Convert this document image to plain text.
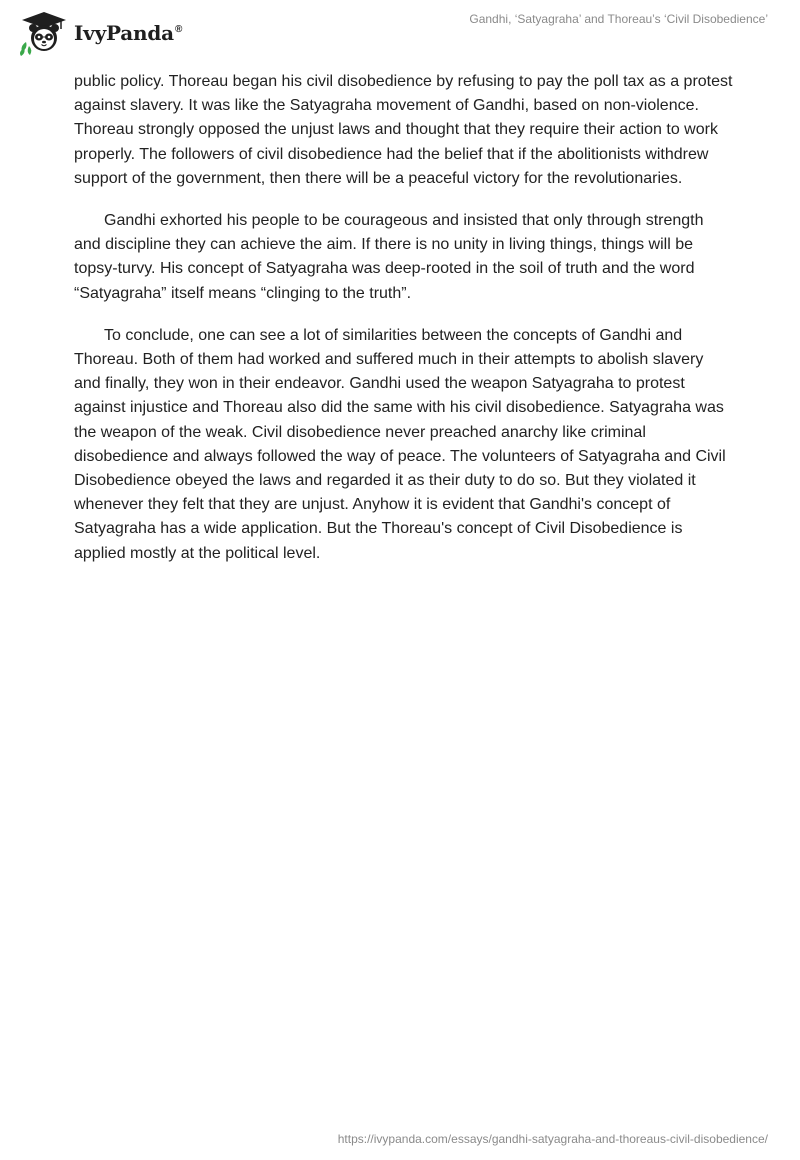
IvyPanda®
Gandhi, ‘Satyagraha’ and Thoreau’s ‘Civil Disobedience’

public policy. Thoreau began his civil disobedience by refusing to pay the poll tax as a protest against slavery. It was like the Satyagraha movement of Gandhi, based on non-violence. Thoreau strongly opposed the unjust laws and thought that they require their action to work properly. The followers of civil disobedience had the belief that if the abolitionists withdrew support of the government, then there will be a peaceful victory for the revolutionaries.

Gandhi exhorted his people to be courageous and insisted that only through strength and discipline they can achieve the aim. If there is no unity in living things, things will be topsy-turvy. His concept of Satyagraha was deep-rooted in the soil of truth and the word “Satyagraha” itself means “clinging to the truth”.

To conclude, one can see a lot of similarities between the concepts of Gandhi and Thoreau. Both of them had worked and suffered much in their attempts to abolish slavery and finally, they won in their endeavor. Gandhi used the weapon Satyagraha to protest against injustice and Thoreau also did the same with his civil disobedience. Satyagraha was the weapon of the weak. Civil disobedience never preached anarchy like criminal disobedience and always followed the way of peace. The volunteers of Satyagraha and Civil Disobedience obeyed the laws and regarded it as their duty to do so. But they violated it whenever they felt that they are unjust. Anyhow it is evident that Gandhi's concept of Satyagraha has a wide application. But the Thoreau's concept of Civil Disobedience is applied mostly at the political level.

https://ivypanda.com/essays/gandhi-satyagraha-and-thoreaus-civil-disobedience/
